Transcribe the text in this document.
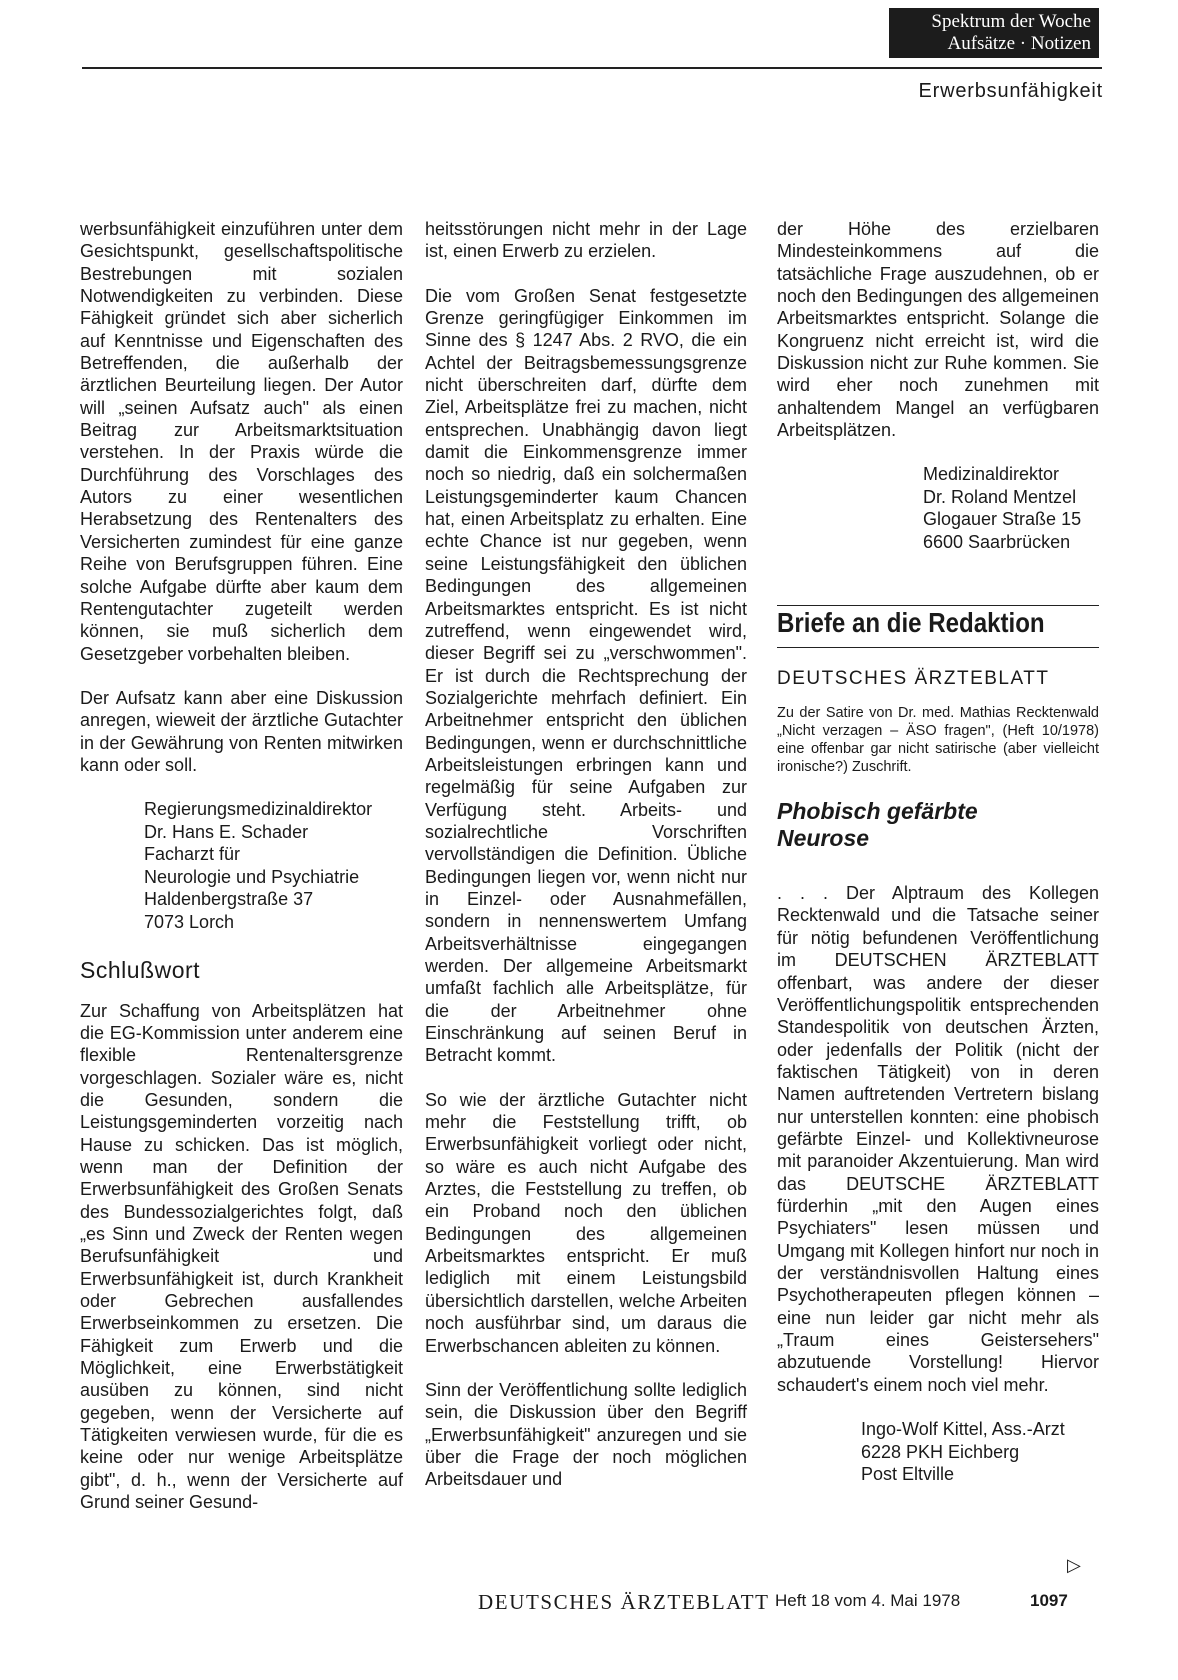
Spektrum der Woche
Aufsätze · Notizen
Erwerbsunfähigkeit

werbsunfähigkeit einzuführen unter dem Gesichtspunkt, gesellschaftspolitische Bestrebungen mit sozialen Notwendigkeiten zu verbinden. Diese Fähigkeit gründet sich aber sicherlich auf Kenntnisse und Eigenschaften des Betreffenden, die außerhalb der ärztlichen Beurteilung liegen. Der Autor will „seinen Aufsatz auch" als einen Beitrag zur Arbeitsmarktsituation verstehen. In der Praxis würde die Durchführung des Vorschlages des Autors zu einer wesentlichen Herabsetzung des Rentenalters des Versicherten zumindest für eine ganze Reihe von Berufsgruppen führen. Eine solche Aufgabe dürfte aber kaum dem Rentengutachter zugeteilt werden können, sie muß sicherlich dem Gesetzgeber vorbehalten bleiben.

Der Aufsatz kann aber eine Diskussion anregen, wieweit der ärztliche Gutachter in der Gewährung von Renten mitwirken kann oder soll.

Regierungsmedizinaldirektor
Dr. Hans E. Schader
Facharzt für
Neurologie und Psychiatrie
Haldenbergstraße 37
7073 Lorch
Schlußwort

Zur Schaffung von Arbeitsplätzen hat die EG-Kommission unter anderem eine flexible Rentenaltersgrenze vorgeschlagen. Sozialer wäre es, nicht die Gesunden, sondern die Leistungsgeminderten vorzeitig nach Hause zu schicken. Das ist möglich, wenn man der Definition der Erwerbsunfähigkeit des Großen Senats des Bundessozialgerichtes folgt, daß „es Sinn und Zweck der Renten wegen Berufsunfähigkeit und Erwerbsunfähigkeit ist, durch Krankheit oder Gebrechen ausfallendes Erwerbseinkommen zu ersetzen. Die Fähigkeit zum Erwerb und die Möglichkeit, eine Erwerbstätigkeit ausüben zu können, sind nicht gegeben, wenn der Versicherte auf Tätigkeiten verwiesen wurde, für die es keine oder nur wenige Arbeitsplätze gibt", d. h., wenn der Versicherte auf Grund seiner Gesund-

heitsstörungen nicht mehr in der Lage ist, einen Erwerb zu erzielen.

Die vom Großen Senat festgesetzte Grenze geringfügiger Einkommen im Sinne des § 1247 Abs. 2 RVO, die ein Achtel der Beitragsbemessungsgrenze nicht überschreiten darf, dürfte dem Ziel, Arbeitsplätze frei zu machen, nicht entsprechen. Unabhängig davon liegt damit die Einkommensgrenze immer noch so niedrig, daß ein solchermaßen Leistungsgeminderter kaum Chancen hat, einen Arbeitsplatz zu erhalten. Eine echte Chance ist nur gegeben, wenn seine Leistungsfähigkeit den üblichen Bedingungen des allgemeinen Arbeitsmarktes entspricht. Es ist nicht zutreffend, wenn eingewendet wird, dieser Begriff sei zu „verschwommen". Er ist durch die Rechtsprechung der Sozialgerichte mehrfach definiert. Ein Arbeitnehmer entspricht den üblichen Bedingungen, wenn er durchschnittliche Arbeitsleistungen erbringen kann und regelmäßig für seine Aufgaben zur Verfügung steht. Arbeits- und sozialrechtliche Vorschriften vervollständigen die Definition. Übliche Bedingungen liegen vor, wenn nicht nur in Einzel- oder Ausnahmefällen, sondern in nennenswertem Umfang Arbeitsverhältnisse eingegangen werden. Der allgemeine Arbeitsmarkt umfaßt fachlich alle Arbeitsplätze, für die der Arbeitnehmer ohne Einschränkung auf seinen Beruf in Betracht kommt.

So wie der ärztliche Gutachter nicht mehr die Feststellung trifft, ob Erwerbsunfähigkeit vorliegt oder nicht, so wäre es auch nicht Aufgabe des Arztes, die Feststellung zu treffen, ob ein Proband noch den üblichen Bedingungen des allgemeinen Arbeitsmarktes entspricht. Er muß lediglich mit einem Leistungsbild übersichtlich darstellen, welche Arbeiten noch ausführbar sind, um daraus die Erwerbschancen ableiten zu können.

Sinn der Veröffentlichung sollte lediglich sein, die Diskussion über den Begriff „Erwerbsunfähigkeit" anzuregen und sie über die Frage der noch möglichen Arbeitsdauer und

der Höhe des erzielbaren Mindesteinkommens auf die tatsächliche Frage auszudehnen, ob er noch den Bedingungen des allgemeinen Arbeitsmarktes entspricht. Solange die Kongruenz nicht erreicht ist, wird die Diskussion nicht zur Ruhe kommen. Sie wird eher noch zunehmen mit anhaltendem Mangel an verfügbaren Arbeitsplätzen.

Medizinaldirektor
Dr. Roland Mentzel
Glogauer Straße 15
6600 Saarbrücken
Briefe an die Redaktion
DEUTSCHES ÄRZTEBLATT

Zu der Satire von Dr. med. Mathias Recktenwald „Nicht verzagen – ÄSO fragen", (Heft 10/1978) eine offenbar gar nicht satirische (aber vielleicht ironische?) Zuschrift.

Phobisch gefärbte
Neurose

. . . Der Alptraum des Kollegen Recktenwald und die Tatsache seiner für nötig befundenen Veröffentlichung im DEUTSCHEN ÄRZTEBLATT offenbart, was andere der dieser Veröffentlichungspolitik entsprechenden Standespolitik von deutschen Ärzten, oder jedenfalls der Politik (nicht der faktischen Tätigkeit) von in deren Namen auftretenden Vertretern bislang nur unterstellen konnten: eine phobisch gefärbte Einzel- und Kollektivneurose mit paranoider Akzentuierung. Man wird das DEUTSCHE ÄRZTEBLATT fürderhin „mit den Augen eines Psychiaters" lesen müssen und Umgang mit Kollegen hinfort nur noch in der verständnisvollen Haltung eines Psychotherapeuten pflegen können – eine nun leider gar nicht mehr als „Traum eines Geistersehers" abzutuende Vorstellung! Hiervor schaudert's einem noch viel mehr.

Ingo-Wolf Kittel, Ass.-Arzt
6228 PKH Eichberg
Post Eltville
▷
DEUTSCHES ÄRZTEBLATT Heft 18 vom 4. Mai 1978	1097
